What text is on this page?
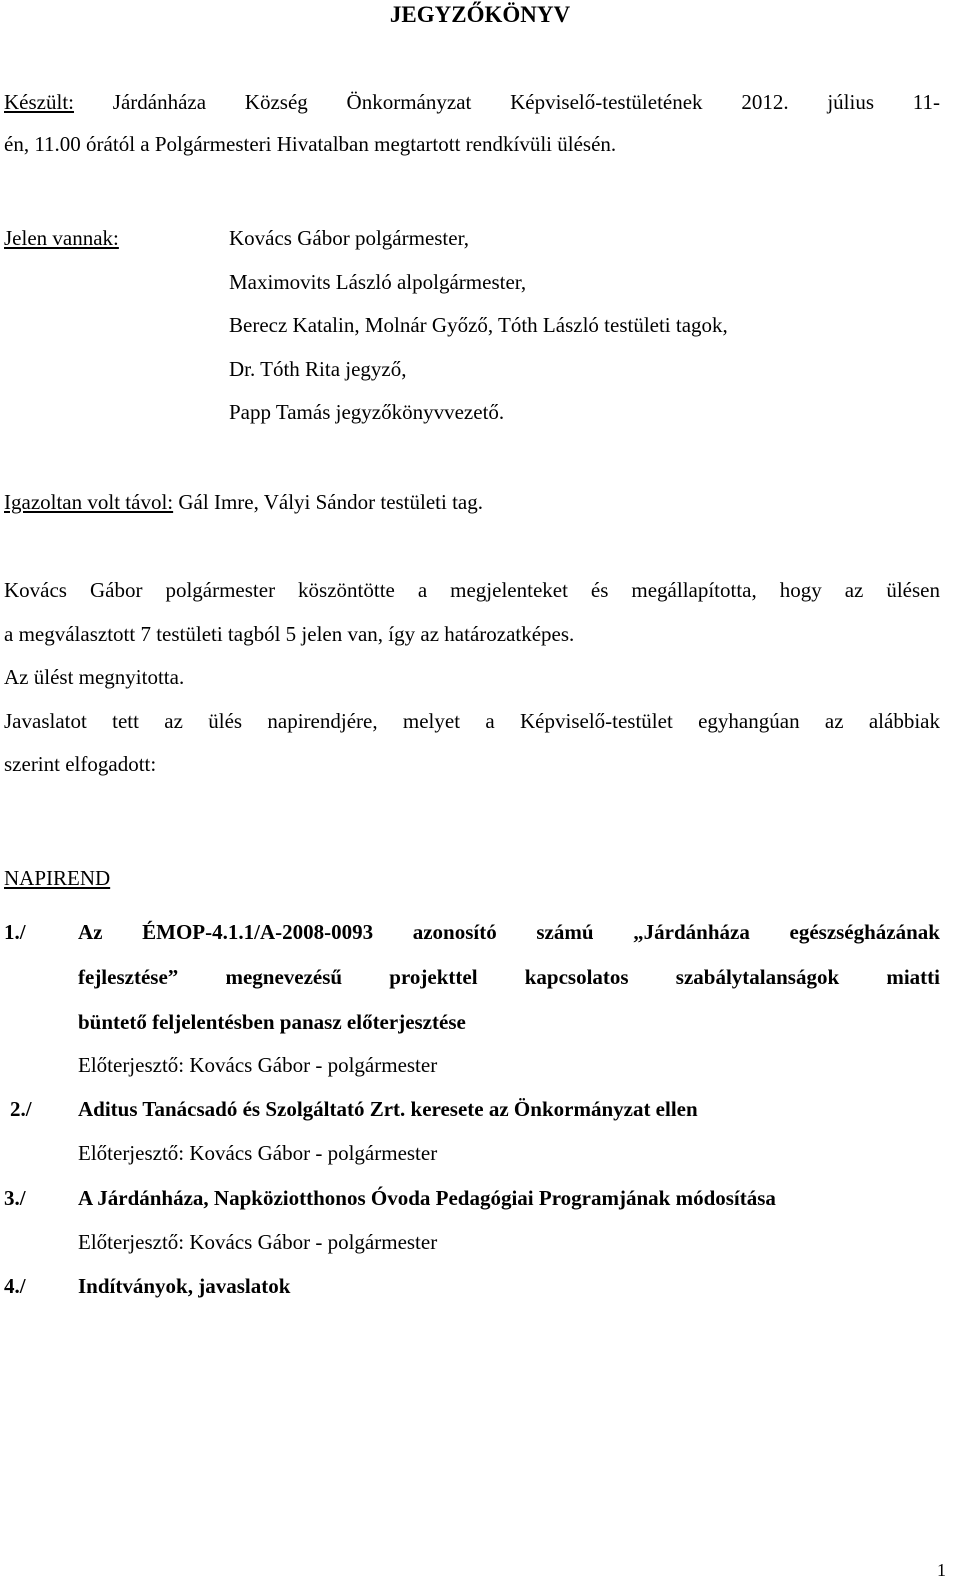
JEGYZŐKÖNYV
Készült: Járdánháza Község Önkormányzat Képviselő-testületének 2012. július 11-
én, 11.00 órától a Polgármesteri Hivatalban megtartott rendkívüli ülésén.
Jelen vannak:	Kovács Gábor polgármester,
Maximovits László alpolgármester,
Berecz Katalin, Molnár Győző, Tóth László testületi tagok,
Dr. Tóth Rita jegyző,
Papp Tamás jegyzőkönyvvezető.
Igazoltan volt távol: Gál Imre, Vályi Sándor testületi tag.
Kovács Gábor polgármester köszöntötte a megjelenteket és megállapította, hogy az ülésen
a megválasztott 7 testületi tagból 5 jelen van, így az határozatképes.
Az ülést megnyitotta.
Javaslatot tett az ülés napirendjére, melyet a Képviselő-testület egyhangúan az alábbiak
szerint elfogadott:
NAPIREND
1./ Az ÉMOP-4.1.1/A-2008-0093 azonosító számú „Járdánháza egészségházának
fejlesztése” megnevezésű projekttel kapcsolatos szabálytalanságok miatti
büntető feljelentésben panasz előterjesztése
Előterjesztő: Kovács Gábor - polgármester
2./ Aditus Tanácsadó és Szolgáltató Zrt. keresete az Önkormányzat ellen
Előterjesztő: Kovács Gábor - polgármester
3./ A Járdánháza, Napköziotthonos Óvoda Pedagógiai Programjának módosítása
Előterjesztő: Kovács Gábor - polgármester
4./ Indítványok, javaslatok
1
